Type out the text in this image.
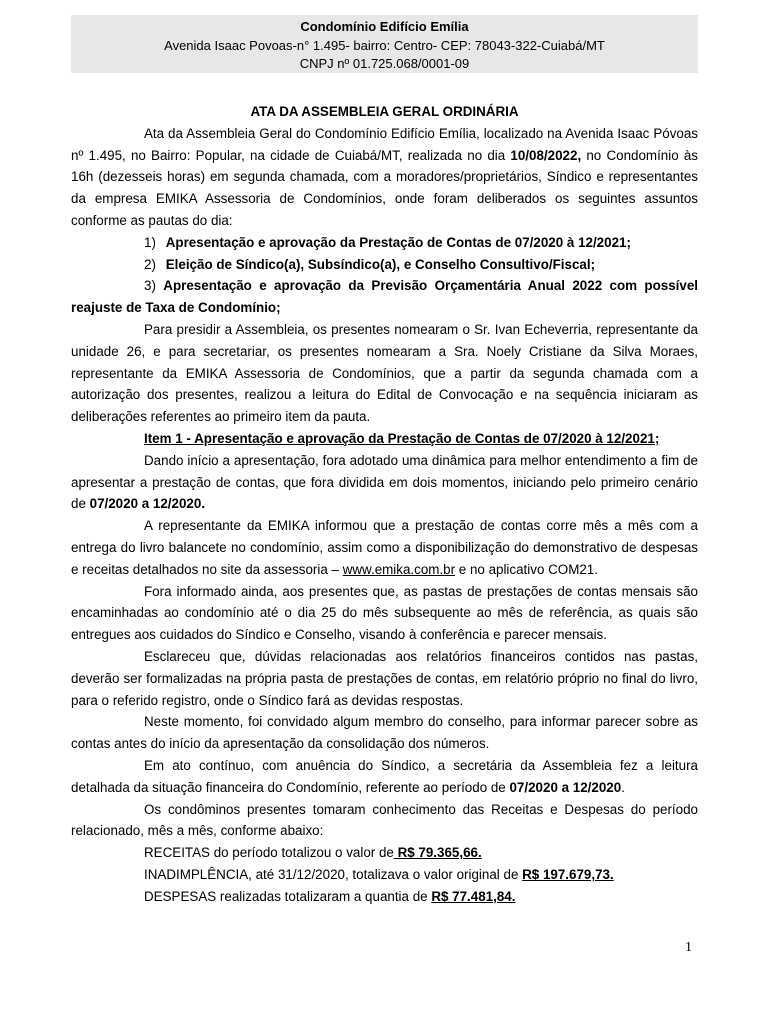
Condomínio Edifício Emília
Avenida Isaac Povoas-n° 1.495- bairro: Centro- CEP: 78043-322-Cuiabá/MT
CNPJ nº 01.725.068/0001-09
ATA DA ASSEMBLEIA GERAL ORDINÁRIA

Ata da Assembleia Geral do Condomínio Edifício Emília, localizado na Avenida Isaac Póvoas nº 1.495, no Bairro: Popular, na cidade de Cuiabá/MT, realizada no dia 10/08/2022, no Condomínio às 16h (dezesseis horas) em segunda chamada, com a moradores/proprietários, Síndico e representantes da empresa EMIKA Assessoria de Condomínios, onde foram deliberados os seguintes assuntos conforme as pautas do dia:

1) Apresentação e aprovação da Prestação de Contas de 07/2020 à 12/2021;

2) Eleição de Síndico(a), Subsíndico(a), e Conselho Consultivo/Fiscal;

3) Apresentação e aprovação da Previsão Orçamentária Anual 2022 com possível reajuste de Taxa de Condomínio;

Para presidir a Assembleia, os presentes nomearam o Sr. Ivan Echeverria, representante da unidade 26, e para secretariar, os presentes nomearam a Sra. Noely Cristiane da Silva Moraes, representante da EMIKA Assessoria de Condomínios, que a partir da segunda chamada com a autorização dos presentes, realizou a leitura do Edital de Convocação e na sequência iniciaram as deliberações referentes ao primeiro item da pauta.

Item 1 - Apresentação e aprovação da Prestação de Contas de 07/2020 à 12/2021;

Dando início a apresentação, fora adotado uma dinâmica para melhor entendimento a fim de apresentar a prestação de contas, que fora dividida em dois momentos, iniciando pelo primeiro cenário de 07/2020 a 12/2020.

A representante da EMIKA informou que a prestação de contas corre mês a mês com a entrega do livro balancete no condomínio, assim como a disponibilização do demonstrativo de despesas e receitas detalhados no site da assessoria – www.emika.com.br e no aplicativo COM21.

Fora informado ainda, aos presentes que, as pastas de prestações de contas mensais são encaminhadas ao condomínio até o dia 25 do mês subsequente ao mês de referência, as quais são entregues aos cuidados do Síndico e Conselho, visando à conferência e parecer mensais.

Esclareceu que, dúvidas relacionadas aos relatórios financeiros contidos nas pastas, deverão ser formalizadas na própria pasta de prestações de contas, em relatório próprio no final do livro, para o referido registro, onde o Síndico fará as devidas respostas.

Neste momento, foi convidado algum membro do conselho, para informar parecer sobre as contas antes do início da apresentação da consolidação dos números.

Em ato contínuo, com anuência do Síndico, a secretária da Assembleia fez a leitura detalhada da situação financeira do Condomínio, referente ao período de 07/2020 a 12/2020.

Os condôminos presentes tomaram conhecimento das Receitas e Despesas do período relacionado, mês a mês, conforme abaixo:

RECEITAS do período totalizou o valor de R$ 79.365,66.

INADIMPLÊNCIA, até 31/12/2020, totalizava o valor original de R$ 197.679,73.

DESPESAS realizadas totalizaram a quantia de R$ 77.481,84.

1
